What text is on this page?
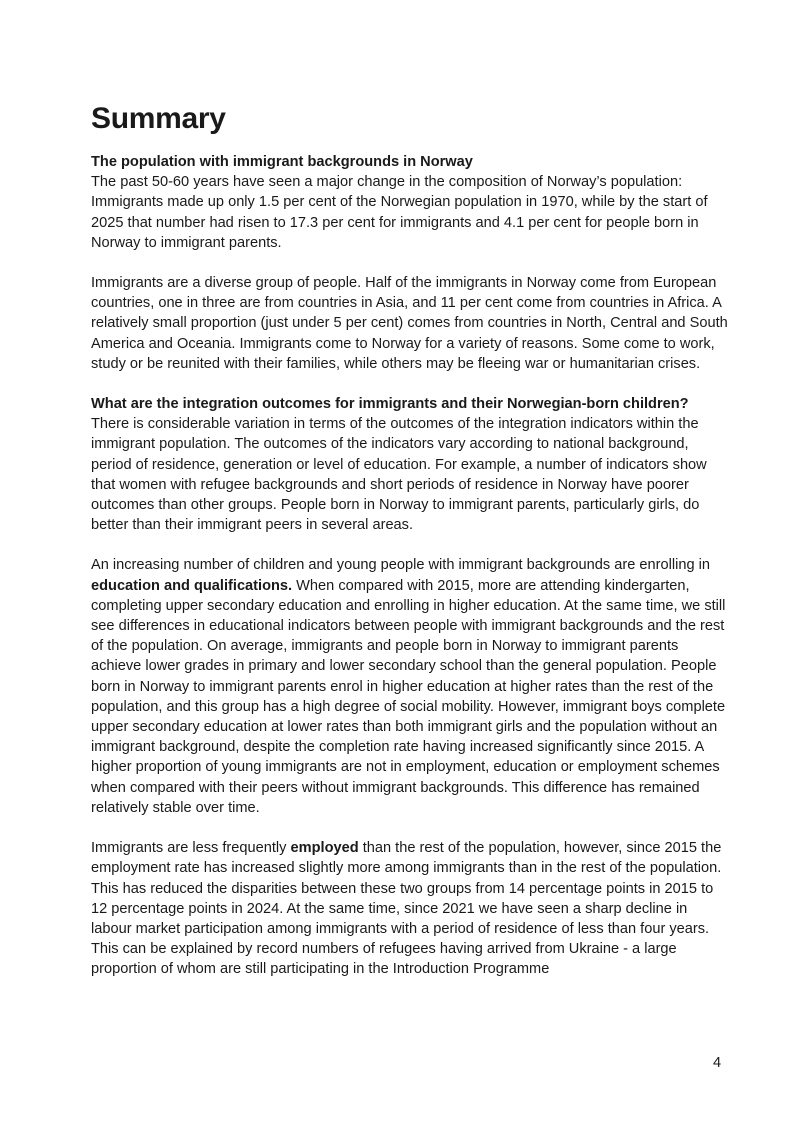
Summary

The population with immigrant backgrounds in Norway
The past 50-60 years have seen a major change in the composition of Norway’s population: Immigrants made up only 1.5 per cent of the Norwegian population in 1970, while by the start of 2025 that number had risen to 17.3 per cent for immigrants and 4.1 per cent for people born in Norway to immigrant parents.

Immigrants are a diverse group of people. Half of the immigrants in Norway come from European countries, one in three are from countries in Asia, and 11 per cent come from countries in Africa. A relatively small proportion (just under 5 per cent) comes from countries in North, Central and South America and Oceania. Immigrants come to Norway for a variety of reasons. Some come to work, study or be reunited with their families, while others may be fleeing war or humanitarian crises.

What are the integration outcomes for immigrants and their Norwegian-born children?
There is considerable variation in terms of the outcomes of the integration indicators within the immigrant population. The outcomes of the indicators vary according to national background, period of residence, generation or level of education. For example, a number of indicators show that women with refugee backgrounds and short periods of residence in Norway have poorer outcomes than other groups. People born in Norway to immigrant parents, particularly girls, do better than their immigrant peers in several areas.

An increasing number of children and young people with immigrant backgrounds are enrolling in education and qualifications. When compared with 2015, more are attending kindergarten, completing upper secondary education and enrolling in higher education. At the same time, we still see differences in educational indicators between people with immigrant backgrounds and the rest of the population. On average, immigrants and people born in Norway to immigrant parents achieve lower grades in primary and lower secondary school than the general population. People born in Norway to immigrant parents enrol in higher education at higher rates than the rest of the population, and this group has a high degree of social mobility. However, immigrant boys complete upper secondary education at lower rates than both immigrant girls and the population without an immigrant background, despite the completion rate having increased significantly since 2015. A higher proportion of young immigrants are not in employment, education or employment schemes when compared with their peers without immigrant backgrounds. This difference has remained relatively stable over time.

Immigrants are less frequently employed than the rest of the population, however, since 2015 the employment rate has increased slightly more among immigrants than in the rest of the population. This has reduced the disparities between these two groups from 14 percentage points in 2015 to 12 percentage points in 2024. At the same time, since 2021 we have seen a sharp decline in labour market participation among immigrants with a period of residence of less than four years. This can be explained by record numbers of refugees having arrived from Ukraine - a large proportion of whom are still participating in the Introduction Programme

4
